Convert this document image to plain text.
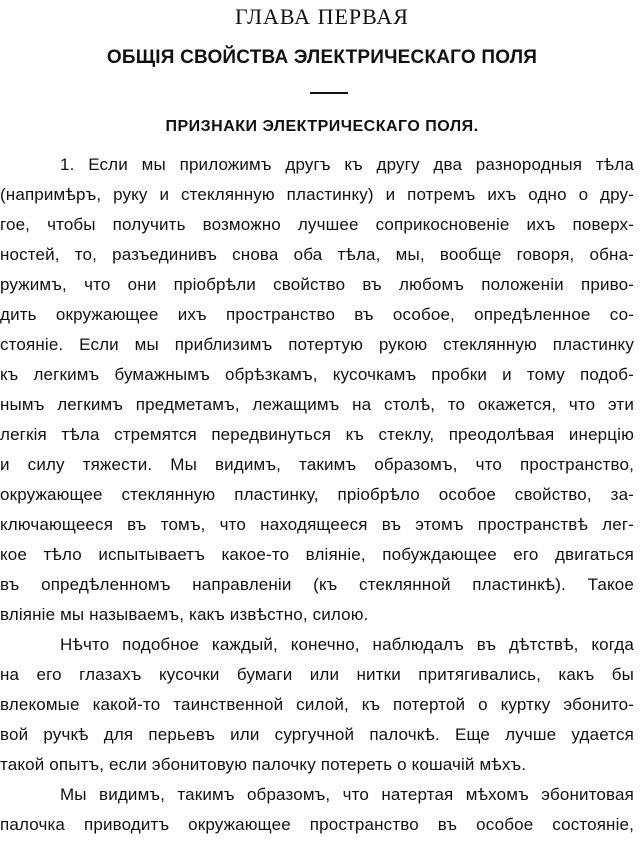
ГЛАВА ПЕРВАЯ
ОБЩІЯ СВОЙСТВА ЭЛЕКТРИЧЕСКАГО ПОЛЯ
ПРИЗНАКИ ЭЛЕКТРИЧЕСКАГО ПОЛЯ.
1. Если мы приложимъ другъ къ другу два разнородныя тѣла
(напримѣръ, руку и стеклянную пластинку) и потремъ ихъ одно о дру-
гое, чтобы получить возможно лучшее соприкосновеніе ихъ поверх-
ностей, то, разъединивъ снова оба тѣла, мы, вообще говоря, обна-
ружимъ, что они пріобрѣли свойство въ любомъ положеніи приво-
дить окружающее ихъ пространство въ особое, опредѣленное со-
стояніе. Если мы приблизимъ потертую рукою стеклянную пластинку
къ легкимъ бумажнымъ обрѣзкамъ, кусочкамъ пробки и тому подоб-
нымъ легкимъ предметамъ, лежащимъ на столѣ, то окажется, что эти
легкія тѣла стремятся передвинуться къ стеклу, преодолѣвая инерцію
и силу тяжести. Мы видимъ, такимъ образомъ, что пространство,
окружающее стеклянную пластинку, пріобрѣло особое свойство, за-
ключающееся въ томъ, что находящееся въ этомъ пространствѣ лег-
кое тѣло испытываетъ какое-то вліяніе, побуждающее его двигаться
въ опредѣленномъ направленіи (къ стеклянной пластинкѣ). Такое
вліяніе мы называемъ, какъ извѣстно, силою.
Нѣчто подобное каждый, конечно, наблюдалъ въ дѣтствѣ, когда
на его глазахъ кусочки бумаги или нитки притягивались, какъ бы
влекомые какой-то таинственной силой, къ потертой о куртку эбонито-
вой ручкѣ для перьевъ или сургучной палочкѣ. Еще лучше удается
такой опытъ, если эбонитовую палочку потереть о кошачій мѣхъ.
Мы видимъ, такимъ образомъ, что натертая мѣхомъ эбонитовая
палочка приводитъ окружающее пространство въ особое состояніе,
